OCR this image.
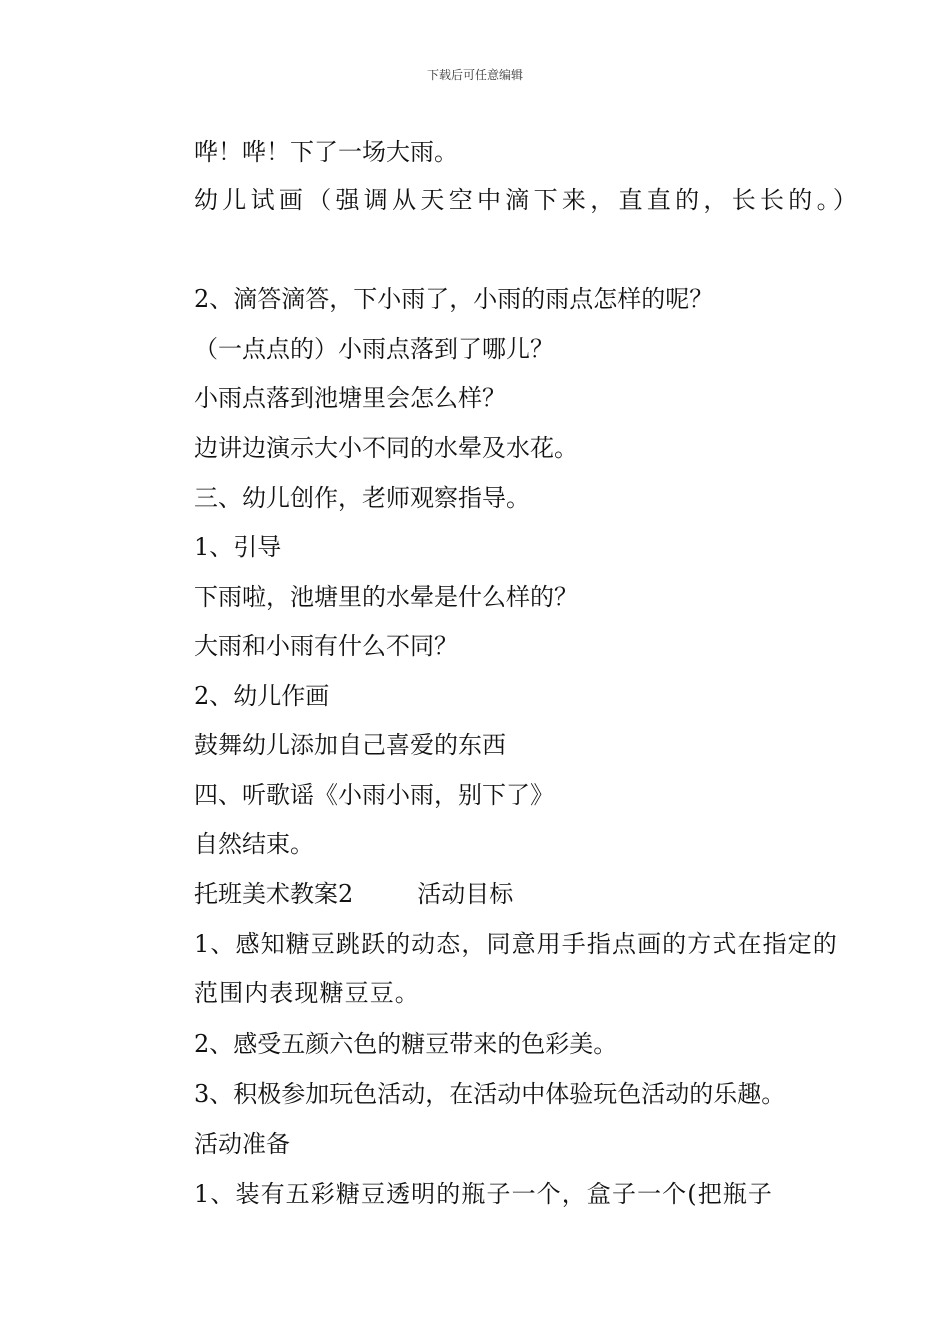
下载后可任意编辑
哗！哗！下了一场大雨。
幼儿试画（强调从天空中滴下来，直直的，长长的。）
2、滴答滴答，下小雨了，小雨的雨点怎样的呢？
（一点点的）小雨点落到了哪儿？
小雨点落到池塘里会怎么样？
边讲边演示大小不同的水晕及水花。
三、幼儿创作，老师观察指导。
1、引导
下雨啦，池塘里的水晕是什么样的？
大雨和小雨有什么不同？
2、幼儿作画
鼓舞幼儿添加自己喜爱的东西
四、听歌谣《小雨小雨，别下了》
自然结束。
托班美术教案2	活动目标
1、感知糖豆跳跃的动态，同意用手指点画的方式在指定的范围内表现糖豆豆。
2、感受五颜六色的糖豆带来的色彩美。
3、积极参加玩色活动，在活动中体验玩色活动的乐趣。
活动准备
1、装有五彩糖豆透明的瓶子一个，盒子一个(把瓶子
